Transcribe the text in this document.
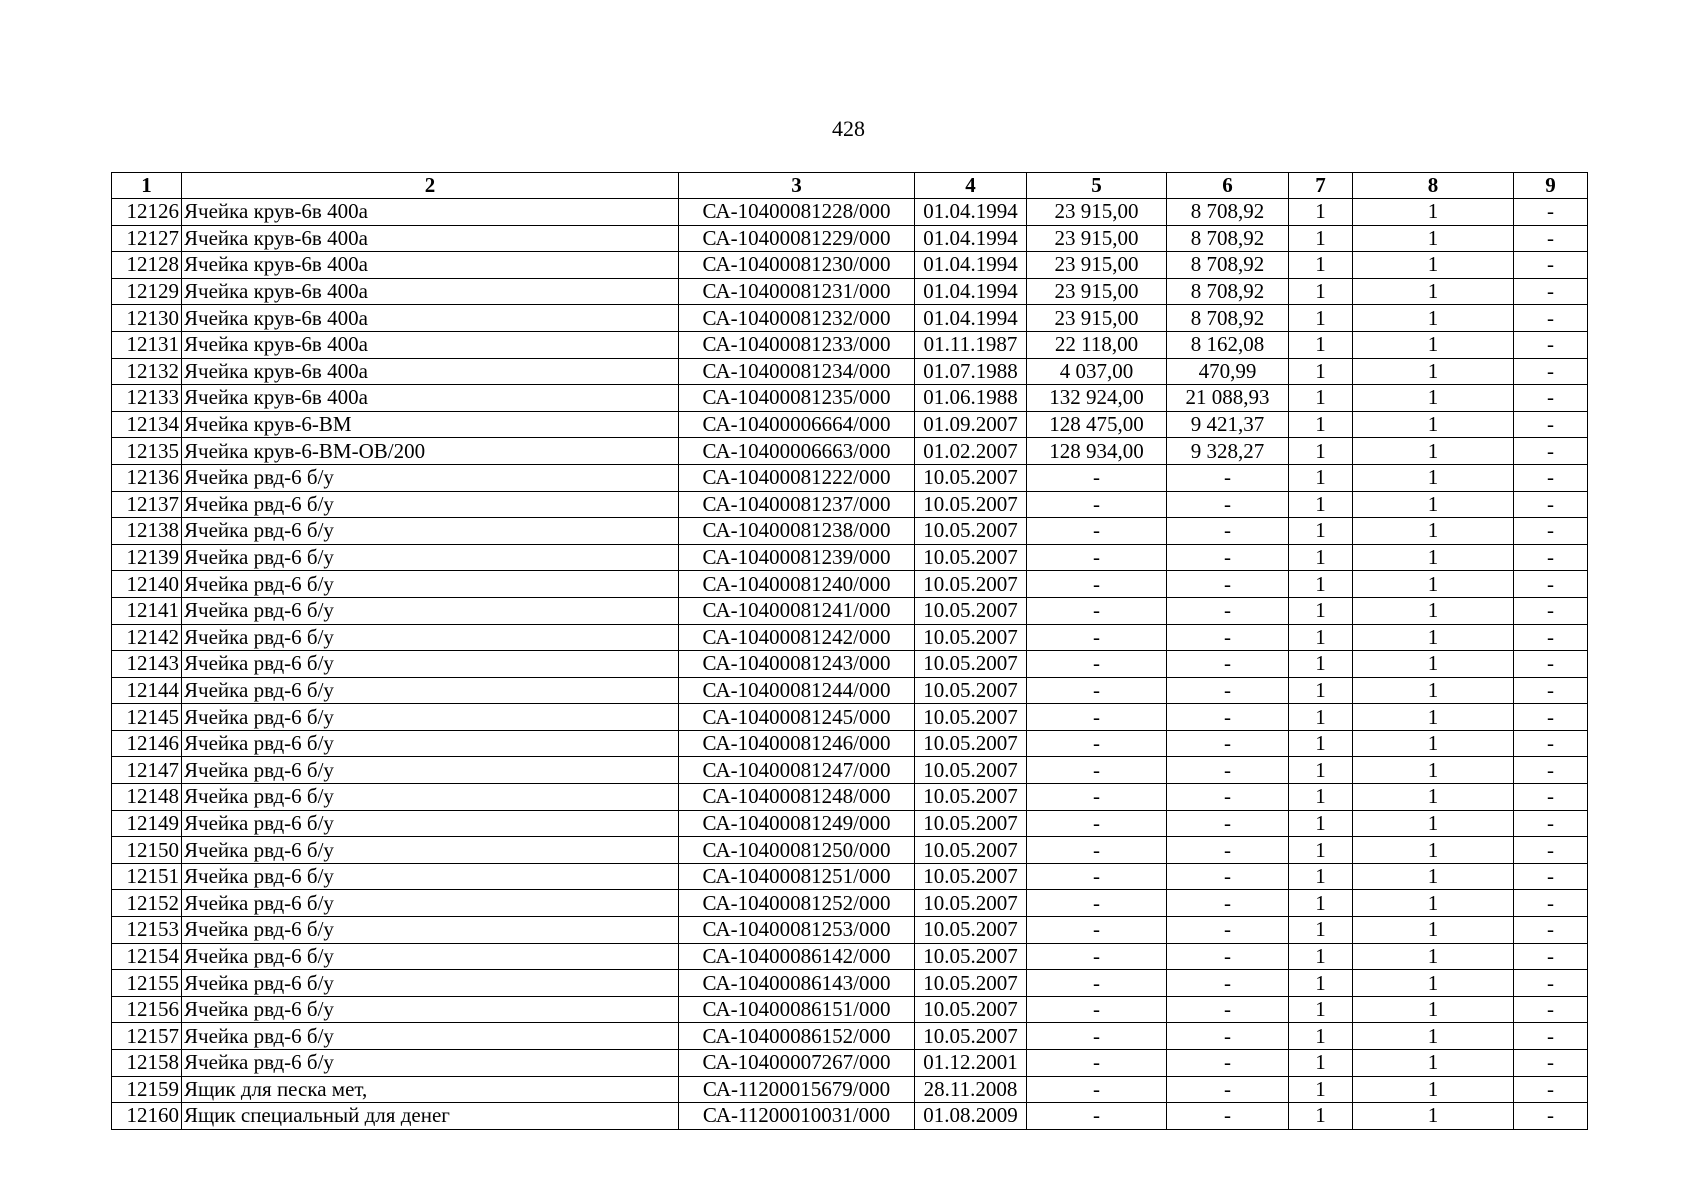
428
1	2	3	4	5	6	7	8	9
12126	Ячейка крув-6в 400а	СА-10400081228/000	01.04.1994	23 915,00	8 708,92	1	1	-
12127	Ячейка крув-6в 400а	СА-10400081229/000	01.04.1994	23 915,00	8 708,92	1	1	-
12128	Ячейка крув-6в 400а	СА-10400081230/000	01.04.1994	23 915,00	8 708,92	1	1	-
12129	Ячейка крув-6в 400а	СА-10400081231/000	01.04.1994	23 915,00	8 708,92	1	1	-
12130	Ячейка крув-6в 400а	СА-10400081232/000	01.04.1994	23 915,00	8 708,92	1	1	-
12131	Ячейка крув-6в 400а	СА-10400081233/000	01.11.1987	22 118,00	8 162,08	1	1	-
12132	Ячейка крув-6в 400а	СА-10400081234/000	01.07.1988	4 037,00	470,99	1	1	-
12133	Ячейка крув-6в 400а	СА-10400081235/000	01.06.1988	132 924,00	21 088,93	1	1	-
12134	Ячейка крув-6-ВМ	СА-10400006664/000	01.09.2007	128 475,00	9 421,37	1	1	-
12135	Ячейка крув-6-ВМ-ОВ/200	СА-10400006663/000	01.02.2007	128 934,00	9 328,27	1	1	-
12136	Ячейка рвд-6 б/у	СА-10400081222/000	10.05.2007	-	-	1	1	-
12137	Ячейка рвд-6 б/у	СА-10400081237/000	10.05.2007	-	-	1	1	-
12138	Ячейка рвд-6 б/у	СА-10400081238/000	10.05.2007	-	-	1	1	-
12139	Ячейка рвд-6 б/у	СА-10400081239/000	10.05.2007	-	-	1	1	-
12140	Ячейка рвд-6 б/у	СА-10400081240/000	10.05.2007	-	-	1	1	-
12141	Ячейка рвд-6 б/у	СА-10400081241/000	10.05.2007	-	-	1	1	-
12142	Ячейка рвд-6 б/у	СА-10400081242/000	10.05.2007	-	-	1	1	-
12143	Ячейка рвд-6 б/у	СА-10400081243/000	10.05.2007	-	-	1	1	-
12144	Ячейка рвд-6 б/у	СА-10400081244/000	10.05.2007	-	-	1	1	-
12145	Ячейка рвд-6 б/у	СА-10400081245/000	10.05.2007	-	-	1	1	-
12146	Ячейка рвд-6 б/у	СА-10400081246/000	10.05.2007	-	-	1	1	-
12147	Ячейка рвд-6 б/у	СА-10400081247/000	10.05.2007	-	-	1	1	-
12148	Ячейка рвд-6 б/у	СА-10400081248/000	10.05.2007	-	-	1	1	-
12149	Ячейка рвд-6 б/у	СА-10400081249/000	10.05.2007	-	-	1	1	-
12150	Ячейка рвд-6 б/у	СА-10400081250/000	10.05.2007	-	-	1	1	-
12151	Ячейка рвд-6 б/у	СА-10400081251/000	10.05.2007	-	-	1	1	-
12152	Ячейка рвд-6 б/у	СА-10400081252/000	10.05.2007	-	-	1	1	-
12153	Ячейка рвд-6 б/у	СА-10400081253/000	10.05.2007	-	-	1	1	-
12154	Ячейка рвд-6 б/у	СА-10400086142/000	10.05.2007	-	-	1	1	-
12155	Ячейка рвд-6 б/у	СА-10400086143/000	10.05.2007	-	-	1	1	-
12156	Ячейка рвд-6 б/у	СА-10400086151/000	10.05.2007	-	-	1	1	-
12157	Ячейка рвд-6 б/у	СА-10400086152/000	10.05.2007	-	-	1	1	-
12158	Ячейка рвд-6 б/у	СА-10400007267/000	01.12.2001	-	-	1	1	-
12159	Ящик для песка мет,	СА-11200015679/000	28.11.2008	-	-	1	1	-
12160	Ящик специальный для денег	СА-11200010031/000	01.08.2009	-	-	1	1	-
